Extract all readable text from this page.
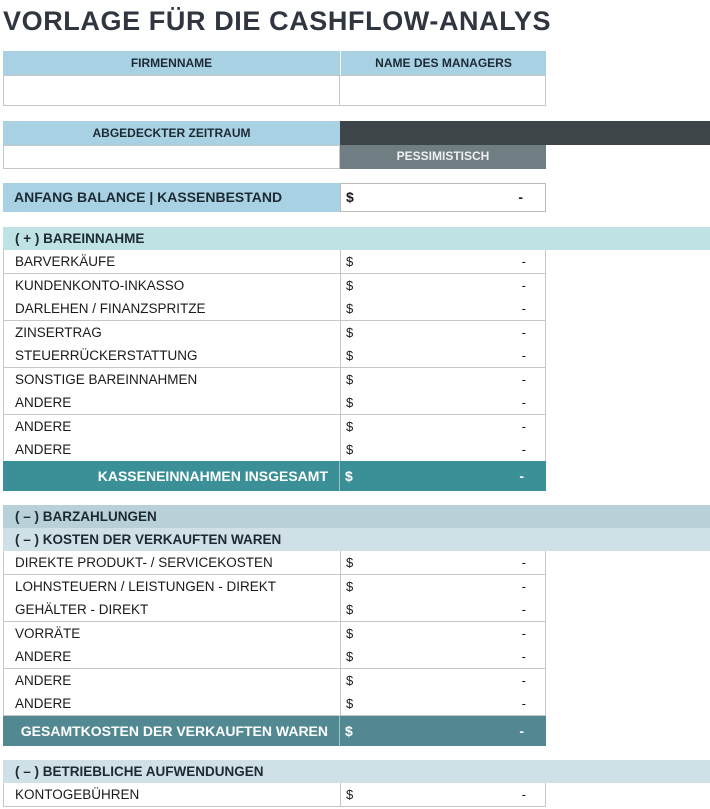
VORLAGE FÜR DIE CASHFLOW-ANALYS
FIRMENNAME	NAME DES MANAGERS
ABGEDECKTER ZEITRAUM
PESSIMISTISCH
ANFANG BALANCE | KASSENBESTAND	$	-
( + ) BAREINNAHME
BARVERKÄUFE	$	-
KUNDENKONTO-INKASSO	$	-
DARLEHEN / FINANZSPRITZE	$	-
ZINSERTRAG	$	-
STEUERRÜCKERSTATTUNG	$	-
SONSTIGE BAREINNAHMEN	$	-
ANDERE	$	-
ANDERE	$	-
ANDERE	$	-
KASSENEINNAHMEN INSGESAMT	$	-
( – ) BARZAHLUNGEN
( – ) KOSTEN DER VERKAUFTEN WAREN
DIREKTE PRODUKT- / SERVICEKOSTEN	$	-
LOHNSTEUERN / LEISTUNGEN - DIREKT	$	-
GEHÄLTER - DIREKT	$	-
VORRÄTE	$	-
ANDERE	$	-
ANDERE	$	-
ANDERE	$	-
GESAMTKOSTEN DER VERKAUFTEN WAREN	$	-
( – ) BETRIEBLICHE AUFWENDUNGEN
KONTOGEBÜHREN	$	-
